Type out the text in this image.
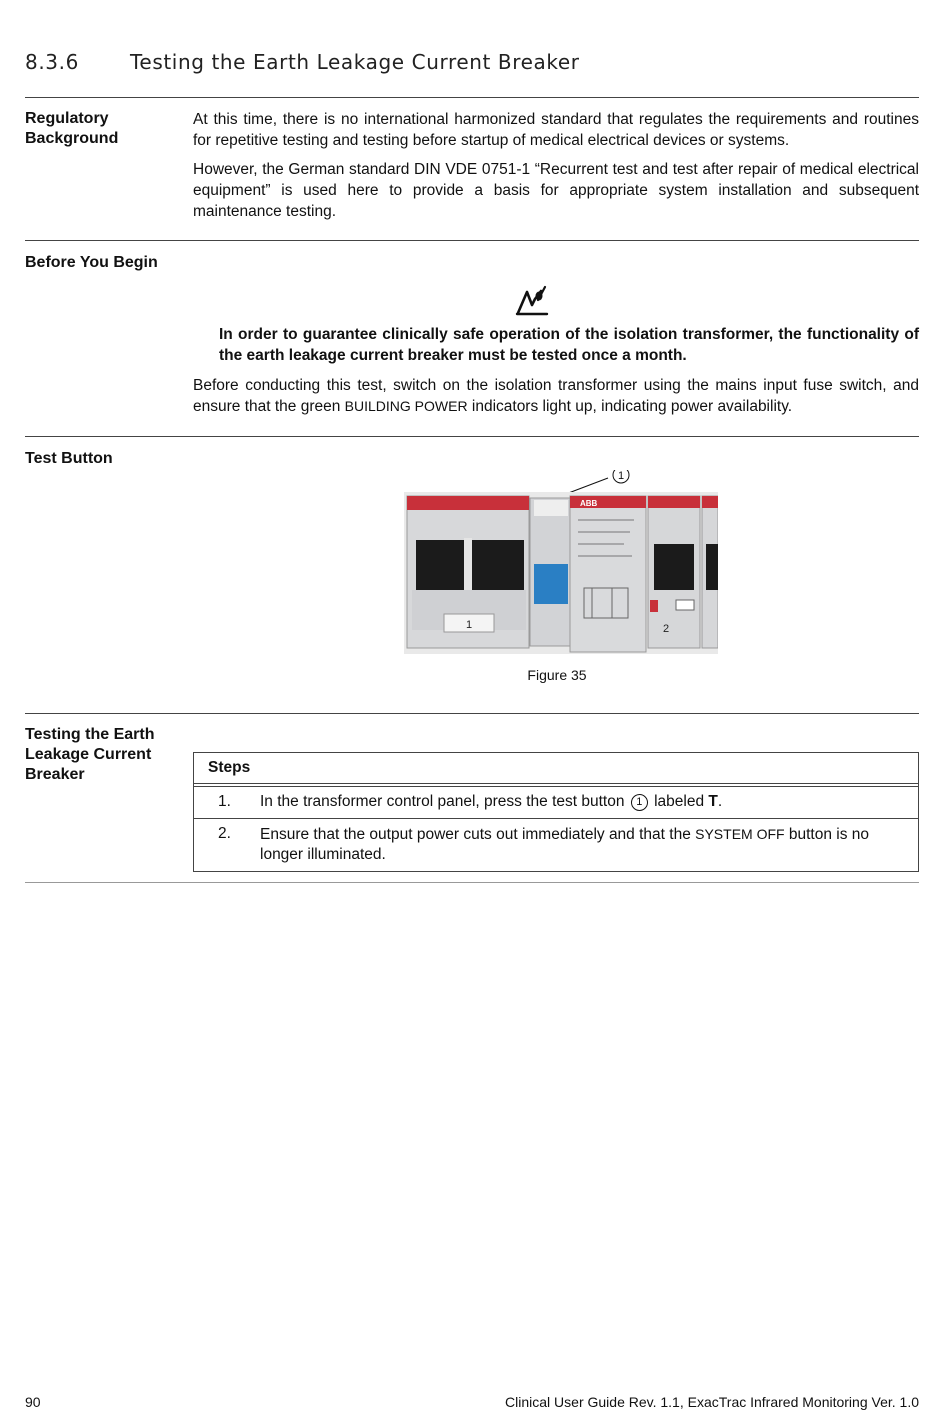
8.3.6	Testing the Earth Leakage Current Breaker
Regulatory
Background

At this time, there is no international harmonized standard that regulates the requirements and routines for repetitive testing and testing before startup of medical electrical devices or systems.

However, the German standard DIN VDE 0751-1 “Recurrent test and test after repair of medical electrical equipment” is used here to provide a basis for appropriate system installation and subsequent maintenance testing.

Before You Begin

In order to guarantee clinically safe operation of the isolation transformer, the functionality of the earth leakage current breaker must be tested once a month.

Before conducting this test, switch on the isolation transformer using the mains input fuse switch, and ensure that the green BUILDING POWER indicators light up, indicating power availability.

Test Button
1
1
ABB
2
Figure 35
Testing the Earth
Leakage Current
Breaker	Steps
1.	In the transformer control panel, press the test button 1 labeled T.
2.	Ensure that the output power cuts out immediately and that the SYSTEM OFF button is no longer illuminated.
90	Clinical User Guide Rev. 1.1, ExacTrac Infrared Monitoring Ver. 1.0
